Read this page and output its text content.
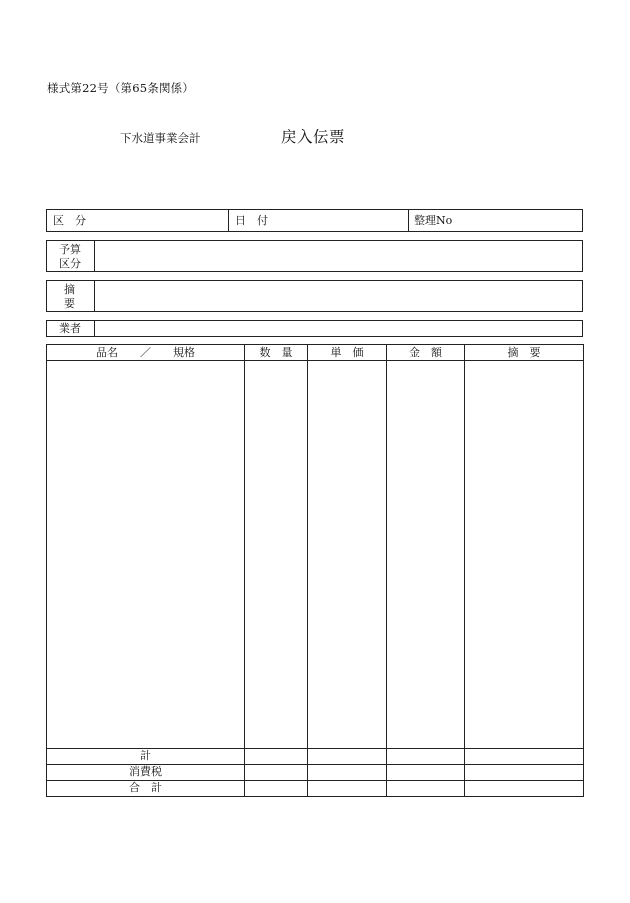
様式第22号（第65条関係）
下水道事業会計	戻入伝票
区　分	日　付	整理No
予算
区分
摘
要
業者
品名　　／　　規格	数　量	単　価	金　額	摘　要

計				
消費税				
合　計				
